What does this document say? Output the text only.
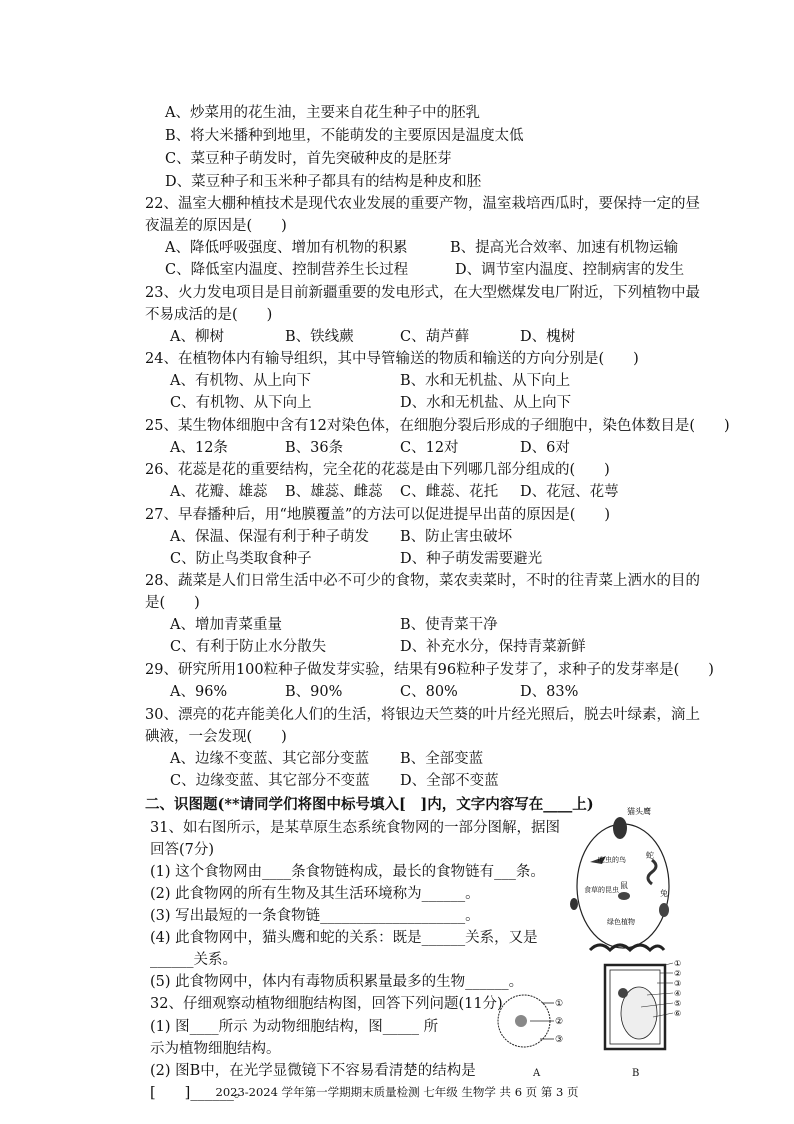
A、炒菜用的花生油，主要来自花生种子中的胚乳
B、将大米播种到地里，不能萌发的主要原因是温度太低
C、菜豆种子萌发时，首先突破种皮的是胚芽
D、菜豆种子和玉米种子都具有的结构是种皮和胚
22、温室大棚种植技术是现代农业发展的重要产物，温室栽培西瓜时，要保持一定的昼
夜温差的原因是(　　)
A、降低呼吸强度、增加有机物的积累	B、提高光合效率、加速有机物运输
C、降低室内温度、控制营养生长过程	D、调节室内温度、控制病害的发生
23、火力发电项目是目前新疆重要的发电形式，在大型燃煤发电厂附近，下列植物中最
不易成活的是(　　)
A、柳树	B、铁线蕨	C、葫芦藓	D、槐树
24、在植物体内有输导组织，其中导管输送的物质和输送的方向分别是(　　)
A、有机物、从上向下	B、水和无机盐、从下向上
C、有机物、从下向上	D、水和无机盐、从上向下
25、某生物体细胞中含有12对染色体，在细胞分裂后形成的子细胞中，染色体数目是(　　)
A、12条	B、36条	C、12对	D、6对
26、花蕊是花的重要结构，完全花的花蕊是由下列哪几部分组成的(　　)
A、花瓣、雄蕊 B、雄蕊、雌蕊 C、雌蕊、花托 D、花冠、花萼
27、早春播种后，用“地膜覆盖”的方法可以促进提早出苗的原因是(　　)
A、保温、保湿有利于种子萌发 B、防止害虫破坏
C、防止鸟类取食种子	D、种子萌发需要避光
28、蔬菜是人们日常生活中必不可少的食物，菜农卖菜时，不时的往青菜上洒水的目的
是(　　)
A、增加青菜重量	B、使青菜干净
C、有利于防止水分散失	D、补充水分，保持青菜新鲜
29、研究所用100粒种子做发芽实验，结果有96粒种子发芽了，求种子的发芽率是(　　)
A、96%	B、90%	C、80%	D、83%
30、漂亮的花卉能美化人们的生活，将银边天竺葵的叶片经光照后，脱去叶绿素，滴上
碘液，一会发现(　　)
A、边缘不变蓝、其它部分变蓝 B、全部变蓝
C、边缘变蓝、其它部分不变蓝 D、全部不变蓝
二、识图题(**请同学们将图中标号填入[　]内，文字内容写在____上)
31、如右图所示，是某草原生态系统食物网的一部分图解，据图
回答(7分)
(1) 这个食物网由____条食物链构成，最长的食物链有___条。
(2) 此食物网的所有生物及其生活环境称为______。
(3) 写出最短的一条食物链____________________。
(4) 此食物网中，猫头鹰和蛇的关系：既是______关系，又是
______关系。
(5) 此食物网中，体内有毒物质积累量最多的生物______。
猫头鹰
吃虫的鸟	蛇
食草的昆虫	兔
鼠
绿色植物
32、仔细观察动植物细胞结构图，回答下列问题(11分)
(1) 图____所示 为动物细胞结构，图_____ 所
示为植物细胞结构。
(2) 图B中，在光学显微镜下不容易看清楚的结构是
[　　]______。
①
②
③
①
②
③
④
⑤
⑥
A	B
2023-2024 学年第一学期期末质量检测 七年级 生物学 共 6 页 第 3 页
